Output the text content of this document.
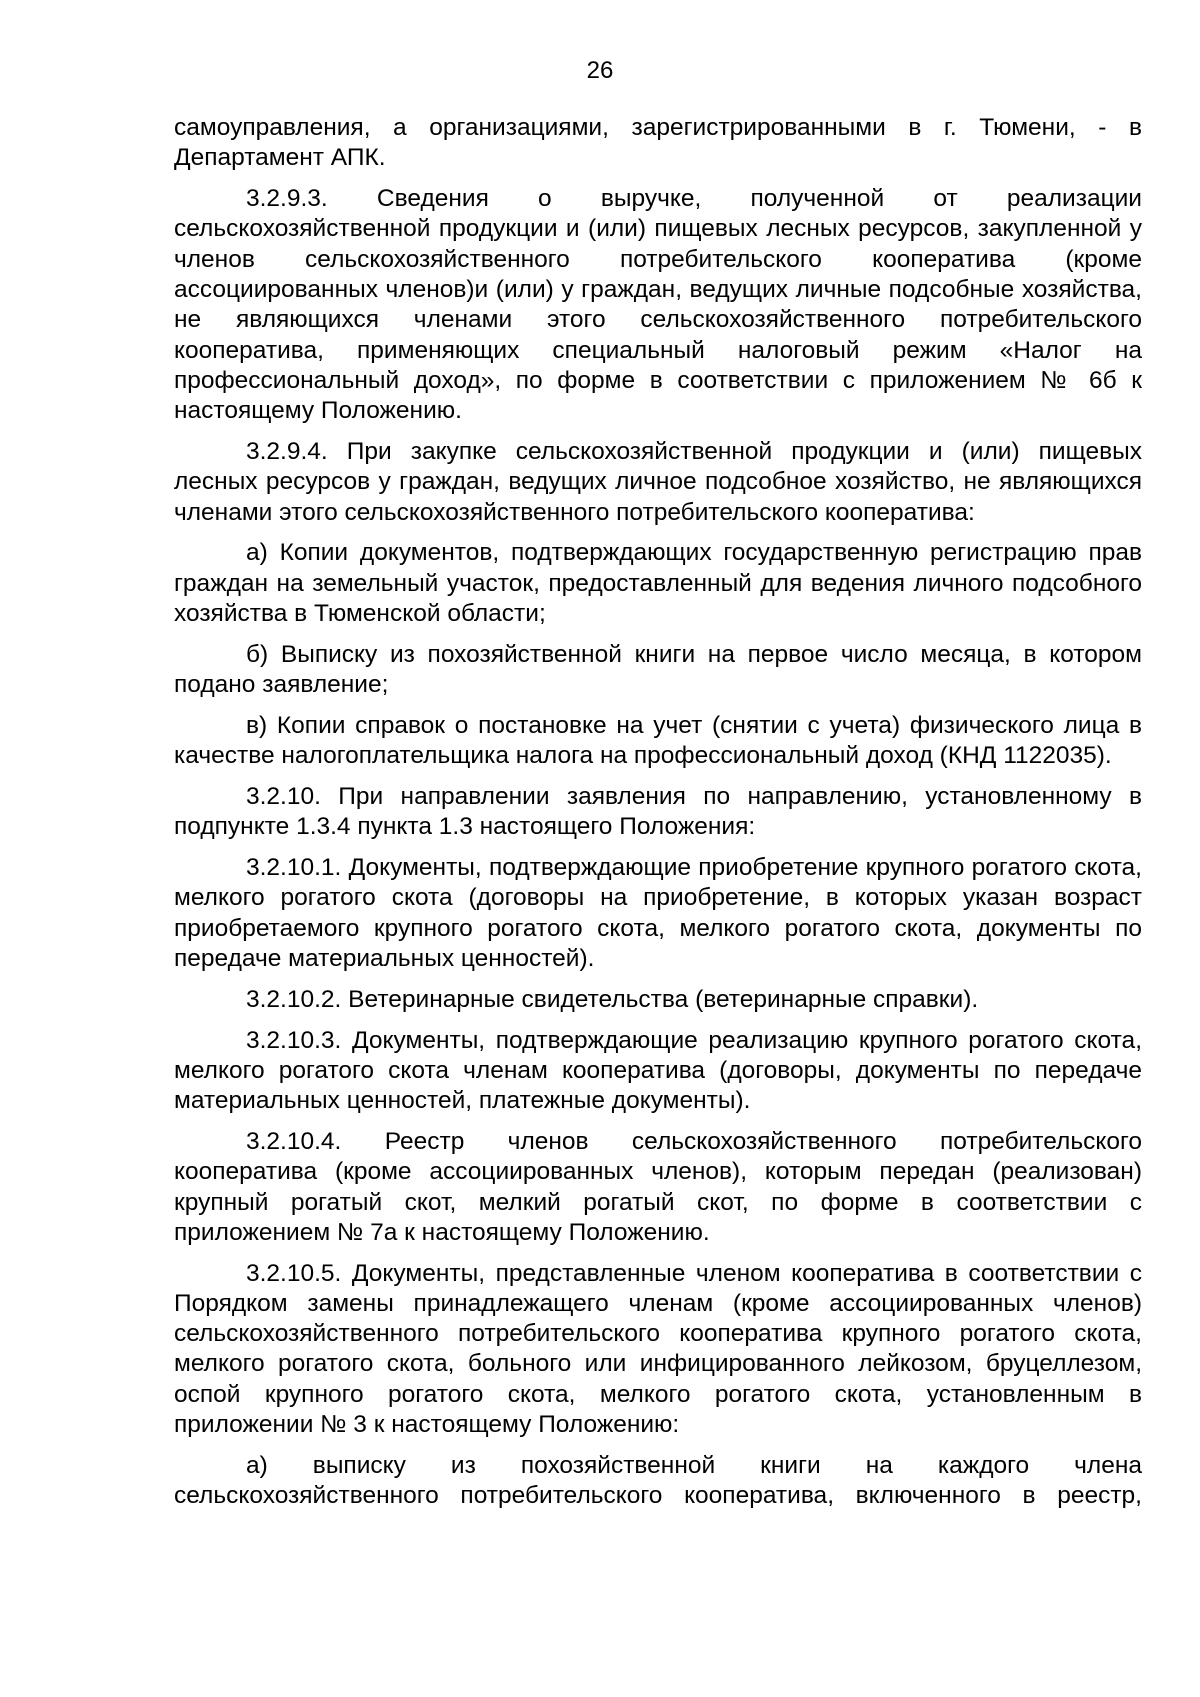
26

самоуправления, а организациями, зарегистрированными в г. Тюмени, - в Департамент АПК.

3.2.9.3. Сведения о выручке, полученной от реализации сельскохозяйственной продукции и (или) пищевых лесных ресурсов, закупленной у членов сельскохозяйственного потребительского кооператива (кроме ассоциированных членов)и (или) у граждан, ведущих личные подсобные хозяйства, не являющихся членами этого сельскохозяйственного потребительского кооператива, применяющих специальный налоговый режим «Налог на профессиональный доход», по форме в соответствии с приложением № 6б к настоящему Положению.

3.2.9.4. При закупке сельскохозяйственной продукции и (или) пищевых лесных ресурсов у граждан, ведущих личное подсобное хозяйство, не являющихся членами этого сельскохозяйственного потребительского кооператива:

а) Копии документов, подтверждающих государственную регистрацию прав граждан на земельный участок, предоставленный для ведения личного подсобного хозяйства в Тюменской области;

б) Выписку из похозяйственной книги на первое число месяца, в котором подано заявление;

в) Копии справок о постановке на учет (снятии с учета) физического лица в качестве налогоплательщика налога на профессиональный доход (КНД 1122035).

3.2.10. При направлении заявления по направлению, установленному в подпункте 1.3.4 пункта 1.3 настоящего Положения:

3.2.10.1. Документы, подтверждающие приобретение крупного рогатого скота, мелкого рогатого скота (договоры на приобретение, в которых указан возраст приобретаемого крупного рогатого скота, мелкого рогатого скота, документы по передаче материальных ценностей).

3.2.10.2. Ветеринарные свидетельства (ветеринарные справки).

3.2.10.3. Документы, подтверждающие реализацию крупного рогатого скота, мелкого рогатого скота членам кооператива (договоры, документы по передаче материальных ценностей, платежные документы).

3.2.10.4. Реестр членов сельскохозяйственного потребительского кооператива (кроме ассоциированных членов), которым передан (реализован) крупный рогатый скот, мелкий рогатый скот, по форме в соответствии с приложением № 7а к настоящему Положению.

3.2.10.5. Документы, представленные членом кооператива в соответствии с Порядком замены принадлежащего членам (кроме ассоциированных членов) сельскохозяйственного потребительского кооператива крупного рогатого скота, мелкого рогатого скота, больного или инфицированного лейкозом, бруцеллезом, оспой крупного рогатого скота, мелкого рогатого скота, установленным в приложении № 3 к настоящему Положению:

а) выписку из похозяйственной книги на каждого члена сельскохозяйственного потребительского кооператива, включенного в реестр,
